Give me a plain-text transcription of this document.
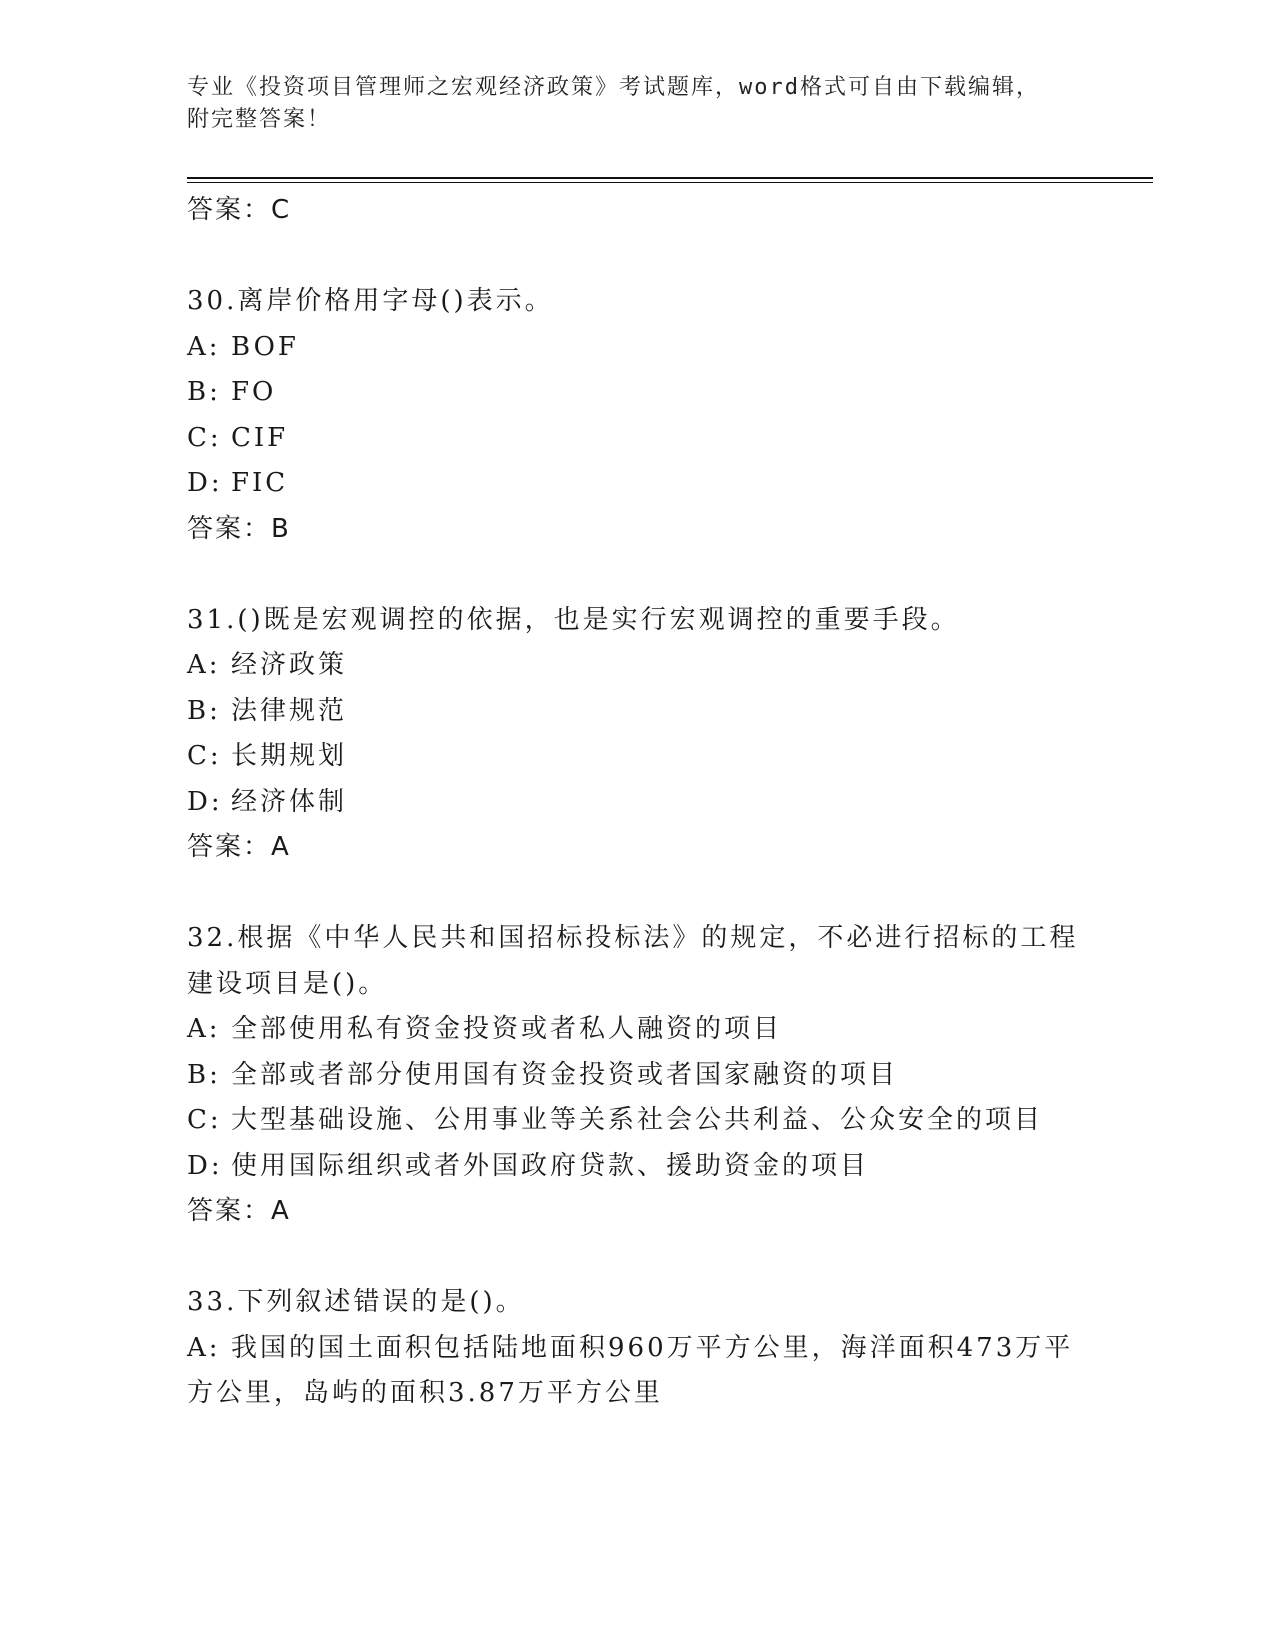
专业《投资项目管理师之宏观经济政策》考试题库，word格式可自由下载编辑，
附完整答案！
答案：C
30.离岸价格用字母()表示。
A: BOF
B: FO
C: CIF
D: FIC
答案：B
31.()既是宏观调控的依据，也是实行宏观调控的重要手段。
A: 经济政策
B: 法律规范
C: 长期规划
D: 经济体制
答案：A
32.根据《中华人民共和国招标投标法》的规定，不必进行招标的工程
建设项目是()。
A: 全部使用私有资金投资或者私人融资的项目
B: 全部或者部分使用国有资金投资或者国家融资的项目
C: 大型基础设施、公用事业等关系社会公共利益、公众安全的项目
D: 使用国际组织或者外国政府贷款、援助资金的项目
答案：A
33.下列叙述错误的是()。
A: 我国的国土面积包括陆地面积960万平方公里，海洋面积473万平
方公里，岛屿的面积3.87万平方公里
